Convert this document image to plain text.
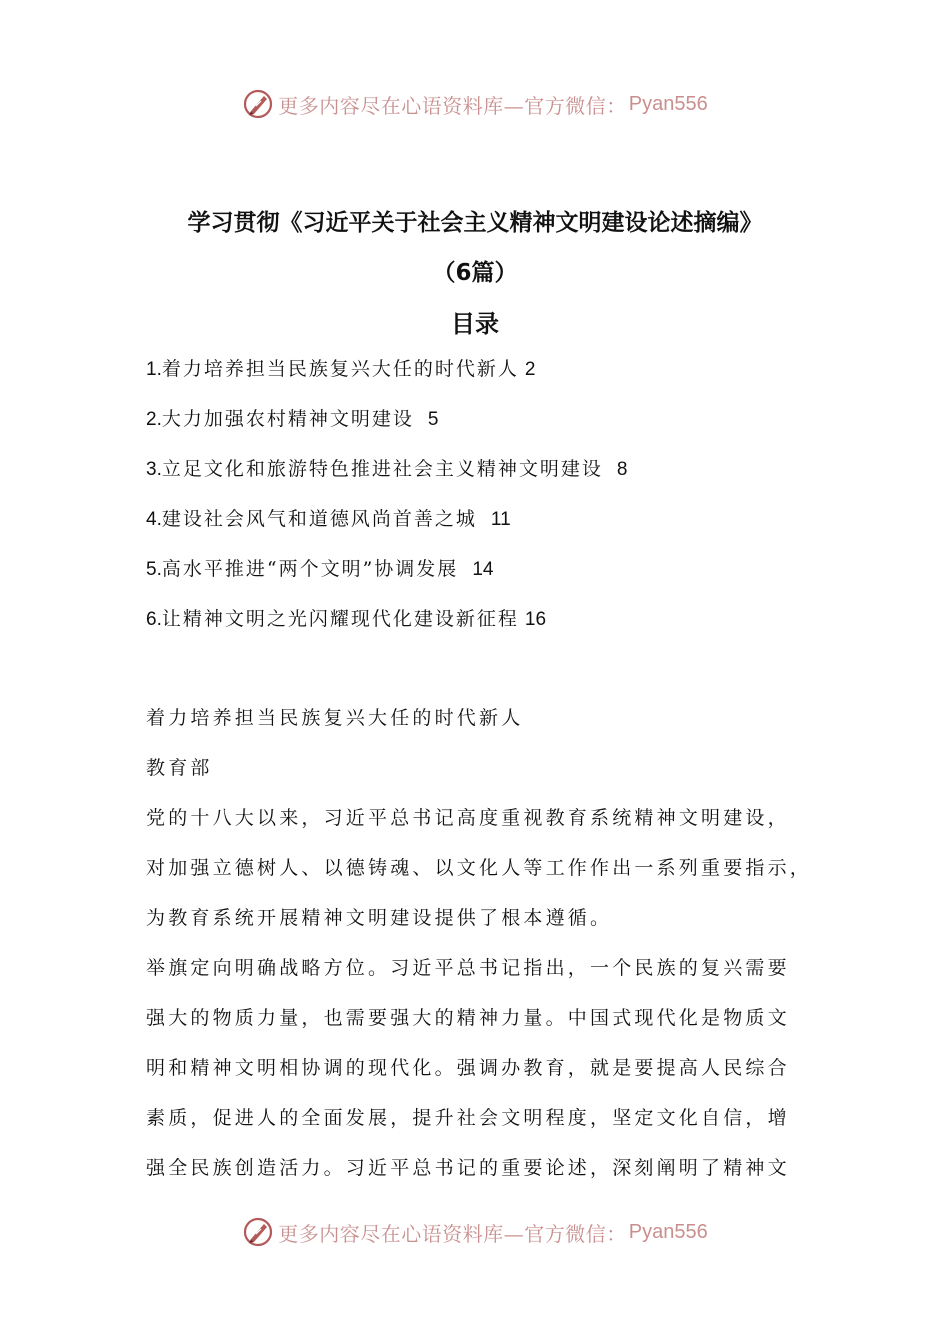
更多内容尽在心语资料库—官方微信： Pyan556
学习贯彻《习近平关于社会主义精神文明建设论述摘编》
（6篇）
目录
1.着力培养担当民族复兴大任的时代新人 2
2.大力加强农村精神文明建设 5
3.立足文化和旅游特色推进社会主义精神文明建设 8
4.建设社会风气和道德风尚首善之城 11
5.高水平推进“两个文明”协调发展 14
6.让精神文明之光闪耀现代化建设新征程 16
着力培养担当民族复兴大任的时代新人
教育部
党的十八大以来，习近平总书记高度重视教育系统精神文明建设，
对加强立德树人、以德铸魂、以文化人等工作作出一系列重要指示，
为教育系统开展精神文明建设提供了根本遵循。
举旗定向明确战略方位。习近平总书记指出，一个民族的复兴需要
强大的物质力量，也需要强大的精神力量。中国式现代化是物质文
明和精神文明相协调的现代化。强调办教育，就是要提高人民综合
素质，促进人的全面发展，提升社会文明程度，坚定文化自信，增
强全民族创造活力。习近平总书记的重要论述，深刻阐明了精神文
更多内容尽在心语资料库—官方微信： Pyan556
